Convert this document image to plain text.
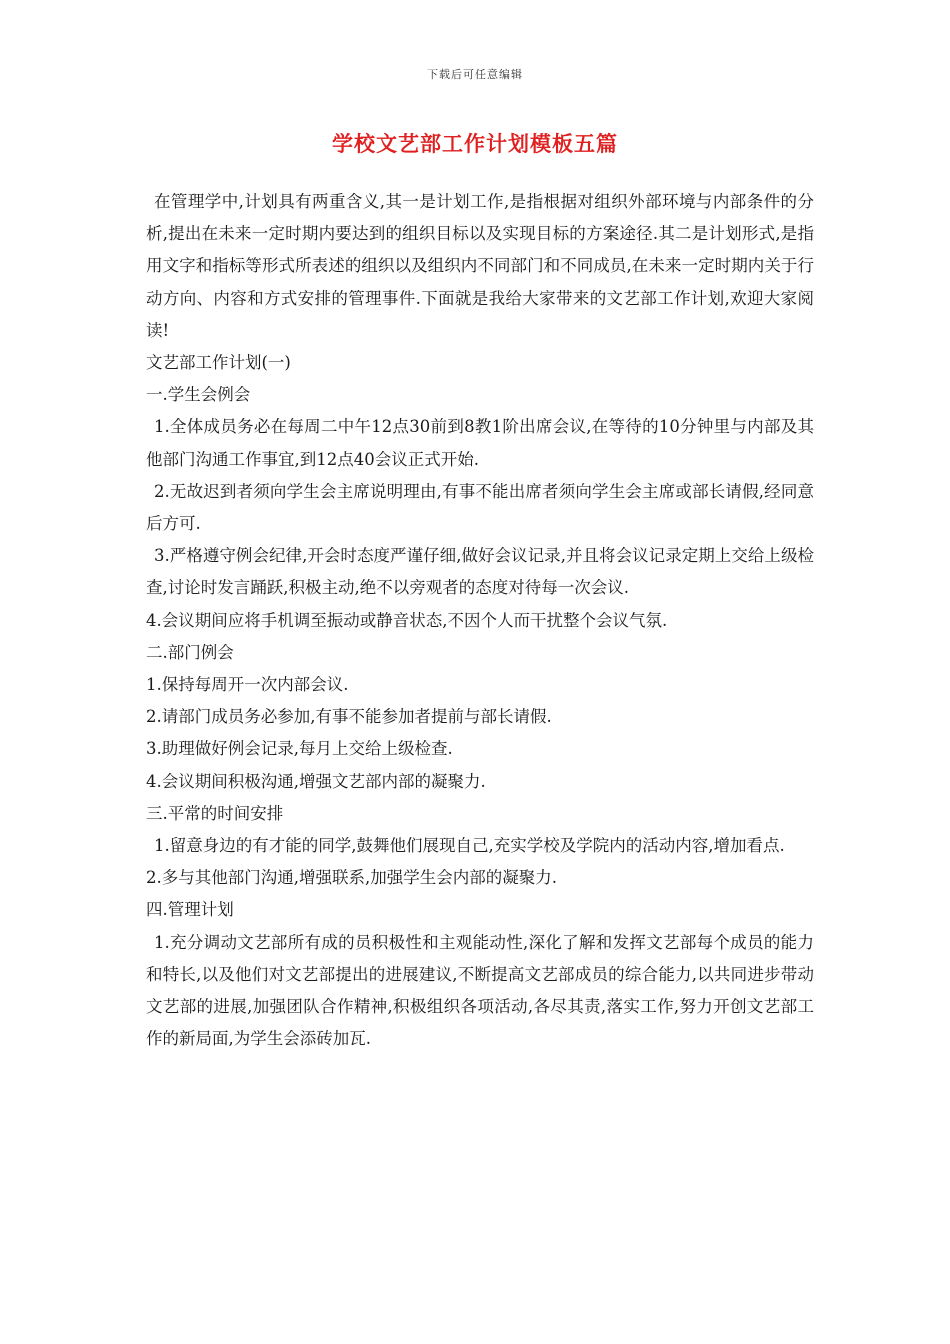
下载后可任意编辑
学校文艺部工作计划模板五篇

在管理学中,计划具有两重含义,其一是计划工作,是指根据对组织外部环境与内部条件的分析,提出在未来一定时期内要达到的组织目标以及实现目标的方案途径.其二是计划形式,是指用文字和指标等形式所表述的组织以及组织内不同部门和不同成员,在未来一定时期内关于行动方向、内容和方式安排的管理事件.下面就是我给大家带来的文艺部工作计划,欢迎大家阅读!

文艺部工作计划(一)

一.学生会例会

1.全体成员务必在每周二中午12点30前到8教1阶出席会议,在等待的10分钟里与内部及其他部门沟通工作事宜,到12点40会议正式开始.

2.无故迟到者须向学生会主席说明理由,有事不能出席者须向学生会主席或部长请假,经同意后方可.

3.严格遵守例会纪律,开会时态度严谨仔细,做好会议记录,并且将会议记录定期上交给上级检查,讨论时发言踊跃,积极主动,绝不以旁观者的态度对待每一次会议.

4.会议期间应将手机调至振动或静音状态,不因个人而干扰整个会议气氛.

二.部门例会

1.保持每周开一次内部会议.

2.请部门成员务必参加,有事不能参加者提前与部长请假.

3.助理做好例会记录,每月上交给上级检查.

4.会议期间积极沟通,增强文艺部内部的凝聚力.

三.平常的时间安排

1.留意身边的有才能的同学,鼓舞他们展现自己,充实学校及学院内的活动内容,增加看点.

2.多与其他部门沟通,增强联系,加强学生会内部的凝聚力.

四.管理计划

1.充分调动文艺部所有成的员积极性和主观能动性,深化了解和发挥文艺部每个成员的能力和特长,以及他们对文艺部提出的进展建议,不断提高文艺部成员的综合能力,以共同进步带动文艺部的进展,加强团队合作精神,积极组织各项活动,各尽其责,落实工作,努力开创文艺部工作的新局面,为学生会添砖加瓦.
